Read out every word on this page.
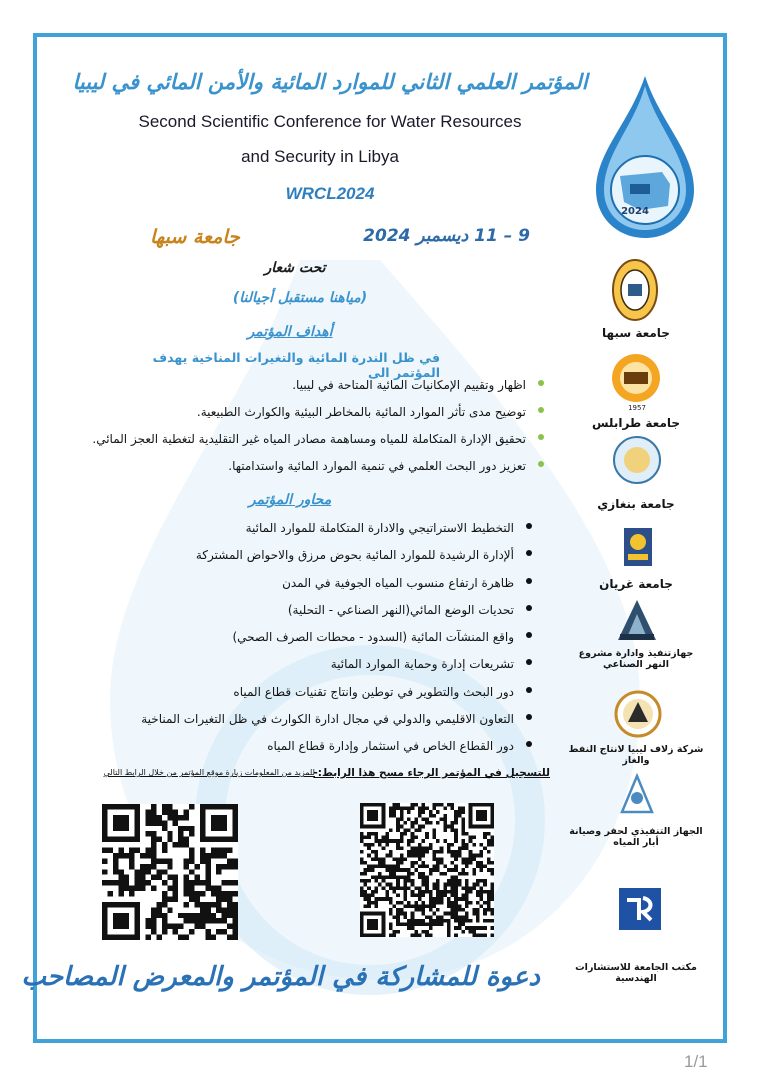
2024
المؤتمر العلمي الثاني للموارد المائية والأمن المائي في ليبيا
Second Scientific Conference for Water Resources
and Security in Libya
WRCL2024
9 – 11 ديسمبر 2024
جامعة سبها
تحت شعار
(مياهنا مستقبل أجيالنا)
أهداف المؤتمر
في ظل الندرة المائية والتغيرات المناخية يهدف المؤتمر الى
اظهار وتقييم الإمكانيات المائية المتاحة في ليبيا.
توضيح مدى تأثر الموارد المائية بالمخاطر البيئية والكوارث الطبيعية.
تحقيق الإدارة المتكاملة للمياه ومساهمة مصادر المياه غير التقليدية لتغطية العجز المائي.
تعزيز دور البحث العلمي في تنمية الموارد المائية واستدامتها.
محاور المؤتمر
التخطيط الاستراتيجي والادارة المتكاملة للموارد المائية
ألإدارة الرشيدة للموارد المائية بحوض مرزق والاحواض المشتركة
ظاهرة ارتفاع منسوب المياه الجوفية في المدن
تحديات الوضع المائي(النهر الصناعي - التحلية)
واقع المنشآت المائية (السدود - محطات الصرف الصحي)
تشريعات إدارة وحماية الموارد المائية
دور البحث والتطوير في توطين وانتاج تقنيات قطاع المياه
التعاون الاقليمي والدولي في مجال ادارة الكوارث في ظل التغيرات المناخية
دور القطاع الخاص في استثمار وإدارة قطاع المياه
للتسجيل في المؤتمر الرجاء مسح هذا الرابط:-
للمزيد من المعلومات زيارة موقع المؤتمر من خلال الرابط التالي
دعوة للمشاركة في المؤتمر والمعرض المصاحب
جامعة سبها
1957
جامعة طرابلس
جامعة بنغازي
جامعة غريان
جهازتنفيذ وادارة مشروع النهر الصناعي
شركة زلاف ليبيا لانتاج النفط والغاز
الجهاز التنفيذي لحفر وصيانة أبار المياه
مكتب الجامعة للاستشارات الهندسية
1/1
